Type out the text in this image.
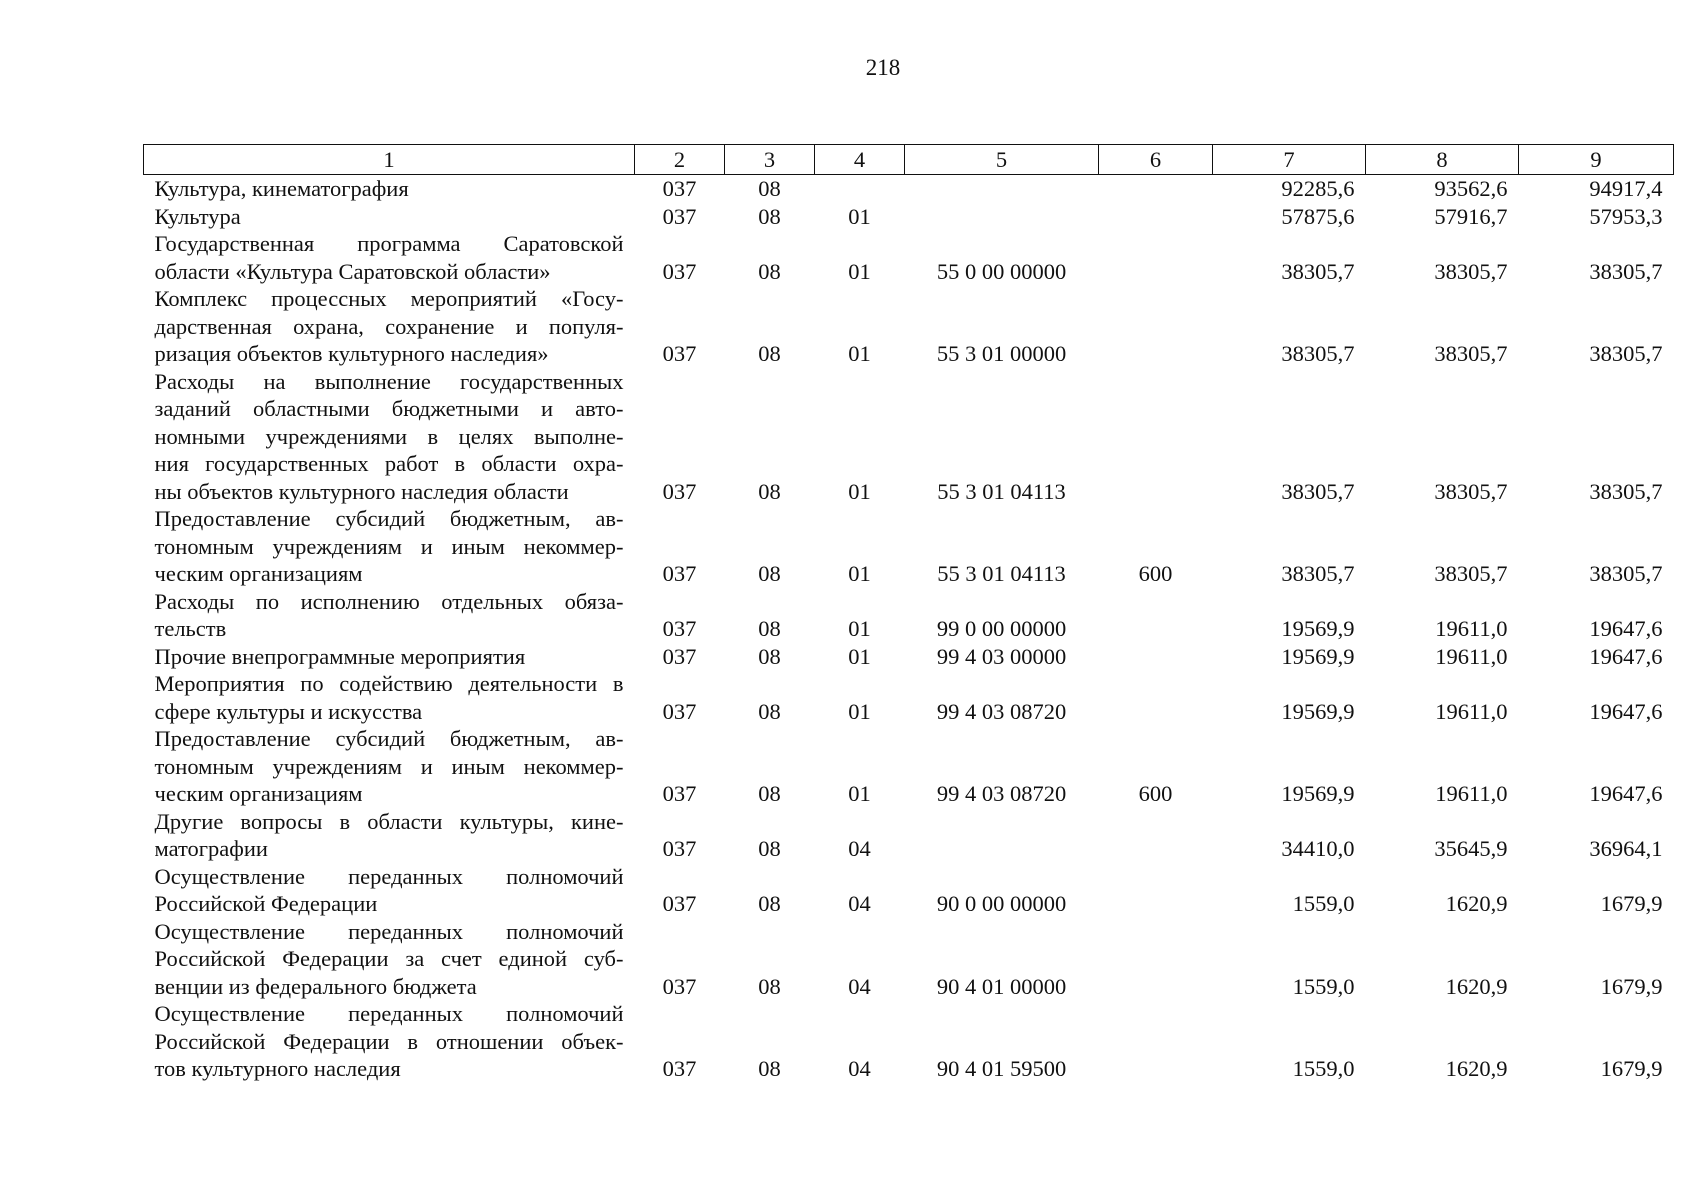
218
1	2	3	4	5	6	7	8	9

Культура, кинематография	037	08				92285,6	93562,6	94917,4

Культура	037	08	01			57875,6	57916,7	57953,3

Государственная программа Саратовской
области «Культура Саратовской области»	037	08	01	55 0 00 00000		38305,7	38305,7	38305,7

Комплекс процессных мероприятий «Госу-
дарственная охрана, сохранение и популя-
ризация объектов культурного наследия»	037	08	01	55 3 01 00000		38305,7	38305,7	38305,7

Расходы на выполнение государственных
заданий областными бюджетными и авто-
номными учреждениями в целях выполне-
ния государственных работ в области охра-
ны объектов культурного наследия области	037	08	01	55 3 01 04113		38305,7	38305,7	38305,7

Предоставление субсидий бюджетным, ав-
тономным учреждениям и иным некоммер-
ческим организациям	037	08	01	55 3 01 04113	600	38305,7	38305,7	38305,7

Расходы по исполнению отдельных обяза-
тельств	037	08	01	99 0 00 00000		19569,9	19611,0	19647,6

Прочие внепрограммные мероприятия	037	08	01	99 4 03 00000		19569,9	19611,0	19647,6

Мероприятия по содействию деятельности в
сфере культуры и искусства	037	08	01	99 4 03 08720		19569,9	19611,0	19647,6

Предоставление субсидий бюджетным, ав-
тономным учреждениям и иным некоммер-
ческим организациям	037	08	01	99 4 03 08720	600	19569,9	19611,0	19647,6

Другие вопросы в области культуры, кине-
матографии	037	08	04			34410,0	35645,9	36964,1

Осуществление переданных полномочий
Российской Федерации	037	08	04	90 0 00 00000		1559,0	1620,9	1679,9

Осуществление переданных полномочий
Российской Федерации за счет единой суб-
венции из федерального бюджета	037	08	04	90 4 01 00000		1559,0	1620,9	1679,9

Осуществление переданных полномочий
Российской Федерации в отношении объек-
тов культурного наследия	037	08	04	90 4 01 59500		1559,0	1620,9	1679,9
